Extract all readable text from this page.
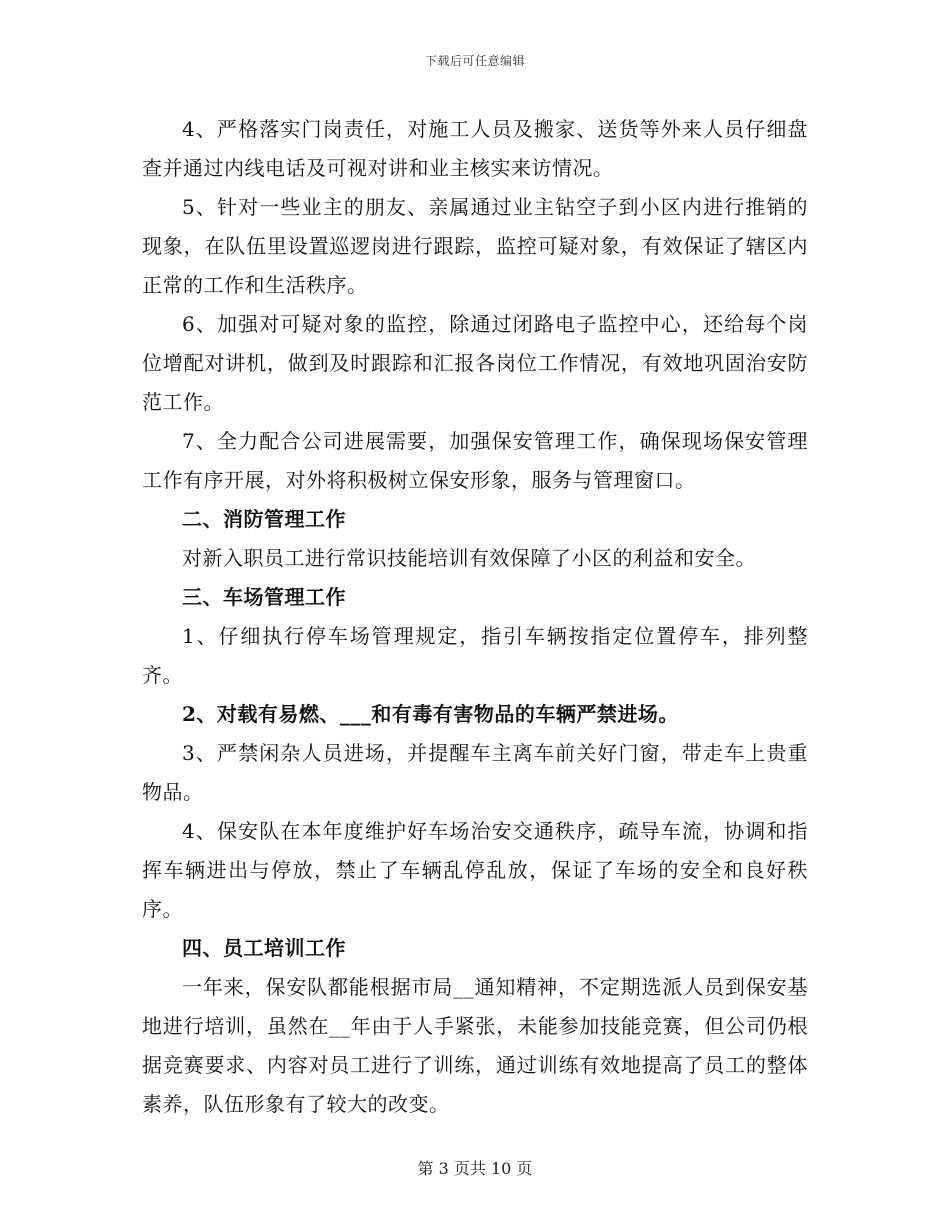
下载后可任意编辑

4、严格落实门岗责任，对施工人员及搬家、送货等外来人员仔细盘查并通过内线电话及可视对讲和业主核实来访情况。

5、针对一些业主的朋友、亲属通过业主钻空子到小区内进行推销的现象，在队伍里设置巡逻岗进行跟踪，监控可疑对象，有效保证了辖区内正常的工作和生活秩序。

6、加强对可疑对象的监控，除通过闭路电子监控中心，还给每个岗位增配对讲机，做到及时跟踪和汇报各岗位工作情况，有效地巩固治安防范工作。

7、全力配合公司进展需要，加强保安管理工作，确保现场保安管理工作有序开展，对外将积极树立保安形象，服务与管理窗口。

二、消防管理工作

对新入职员工进行常识技能培训有效保障了小区的利益和安全。

三、车场管理工作

1、仔细执行停车场管理规定，指引车辆按指定位置停车，排列整齐。

2、对载有易燃、___和有毒有害物品的车辆严禁进场。

3、严禁闲杂人员进场，并提醒车主离车前关好门窗，带走车上贵重物品。

4、保安队在本年度维护好车场治安交通秩序，疏导车流，协调和指挥车辆进出与停放，禁止了车辆乱停乱放，保证了车场的安全和良好秩序。

四、员工培训工作

一年来，保安队都能根据市局__通知精神，不定期选派人员到保安基地进行培训，虽然在__年由于人手紧张，未能参加技能竞赛，但公司仍根据竞赛要求、内容对员工进行了训练，通过训练有效地提高了员工的整体素养，队伍形象有了较大的改变。

第 3 页共 10 页
